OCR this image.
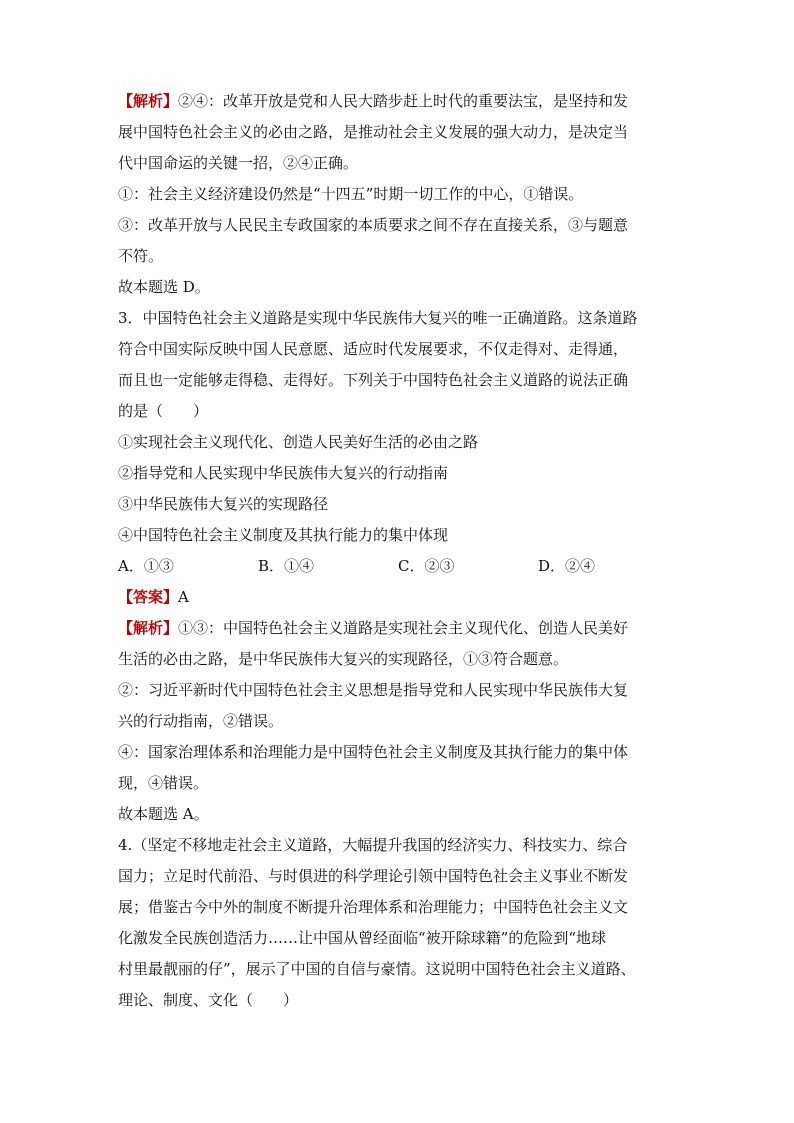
【解析】②④：改革开放是党和人民大踏步赶上时代的重要法宝，是坚持和发
展中国特色社会主义的必由之路，是推动社会主义发展的强大动力，是决定当
代中国命运的关键一招，②④正确。
①：社会主义经济建设仍然是“十四五”时期一切工作的中心，①错误。
③：改革开放与人民民主专政国家的本质要求之间不存在直接关系，③与题意
不符。
故本题选 D。
3．中国特色社会主义道路是实现中华民族伟大复兴的唯一正确道路。这条道路
符合中国实际反映中国人民意愿、适应时代发展要求，不仅走得对、走得通，
而且也一定能够走得稳、走得好。下列关于中国特色社会主义道路的说法正确
的是（　　）
①实现社会主义现代化、创造人民美好生活的必由之路
②指导党和人民实现中华民族伟大复兴的行动指南
③中华民族伟大复兴的实现路径
④中国特色社会主义制度及其执行能力的集中体现
A．①③	B．①④	C．②③	D．②④
【答案】A
【解析】①③：中国特色社会主义道路是实现社会主义现代化、创造人民美好
生活的必由之路，是中华民族伟大复兴的实现路径，①③符合题意。
②：习近平新时代中国特色社会主义思想是指导党和人民实现中华民族伟大复
兴的行动指南，②错误。
④：国家治理体系和治理能力是中国特色社会主义制度及其执行能力的集中体
现，④错误。
故本题选 A。
4.（坚定不移地走社会主义道路，大幅提升我国的经济实力、科技实力、综合
国力；立足时代前沿、与时俱进的科学理论引领中国特色社会主义事业不断发
展；借鉴古今中外的制度不断提升治理体系和治理能力；中国特色社会主义文
化激发全民族创造活力……让中国从曾经面临“被开除球籍”的危险到“地球
村里最靓丽的仔”，展示了中国的自信与豪情。这说明中国特色社会主义道路、
理论、制度、文化（　　）
